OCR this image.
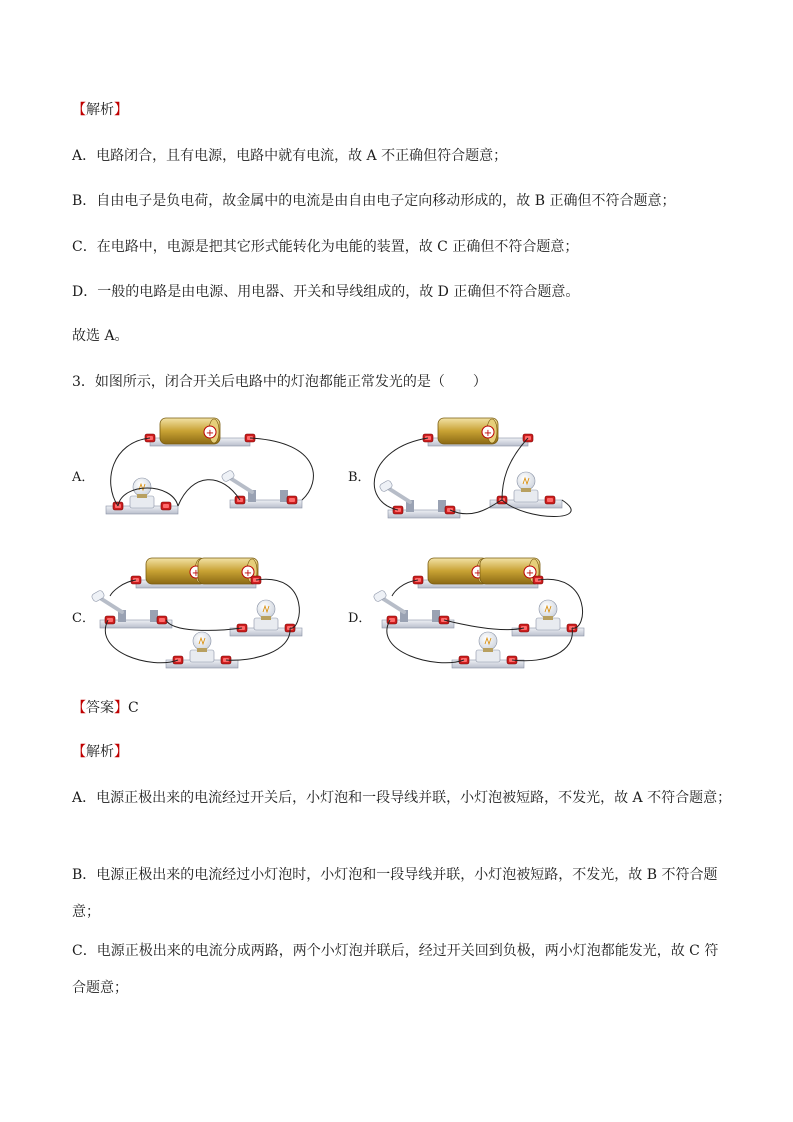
【解析】
A．电路闭合，且有电源，电路中就有电流，故 A 不正确但符合题意；
B．自由电子是负电荷，故金属中的电流是由自由电子定向移动形成的，故 B 正确但不符合题意；
C．在电路中，电源是把其它形式能转化为电能的装置，故 C 正确但不符合题意；
D．一般的电路是由电源、用电器、开关和导线组成的，故 D 正确但不符合题意。
故选 A。
3．如图所示，闭合开关后电路中的灯泡都能正常发光的是（　　）
A．	B．
C．	D．
+
【答案】C
【解析】
A．电源正极出来的电流经过开关后，小灯泡和一段导线并联，小灯泡被短路，不发光，故 A 不符合题意；
B．电源正极出来的电流经过小灯泡时，小灯泡和一段导线并联，小灯泡被短路，不发光，故 B 不符合题意；
C．电源正极出来的电流分成两路，两个小灯泡并联后，经过开关回到负极，两小灯泡都能发光，故 C 符合题意；
